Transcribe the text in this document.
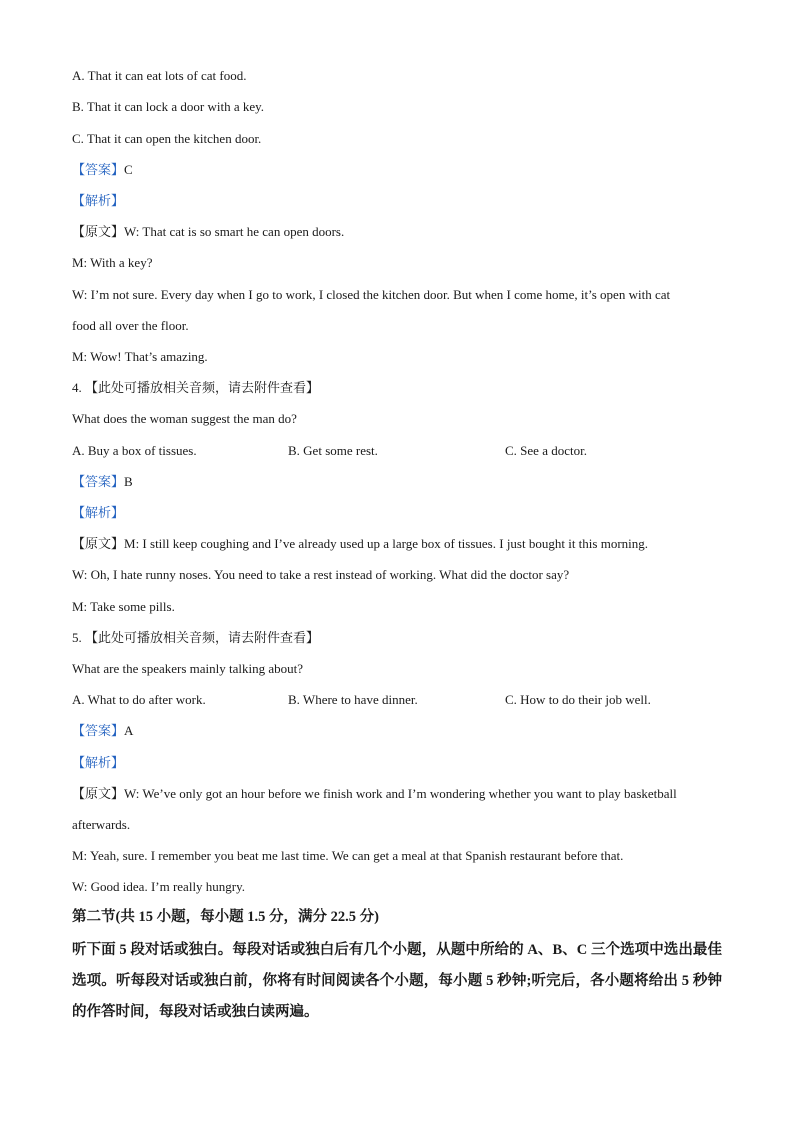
A. That it can eat lots of cat food.
B. That it can lock a door with a key.
C. That it can open the kitchen door.
【答案】C
【解析】
【原文】W: That cat is so smart he can open doors.
M: With a key?
W: I’m not sure. Every day when I go to work, I closed the kitchen door. But when I come home, it’s open with cat
food all over the floor.
M: Wow! That’s amazing.
4. 【此处可播放相关音频，请去附件查看】
What does the woman suggest the man do?
A. Buy a box of tissues.	B. Get some rest.	C. See a doctor.
【答案】B
【解析】
【原文】M: I still keep coughing and I’ve already used up a large box of tissues. I just bought it this morning.
W: Oh, I hate runny noses. You need to take a rest instead of working. What did the doctor say?
M: Take some pills.
5. 【此处可播放相关音频，请去附件查看】
What are the speakers mainly talking about?
A. What to do after work.	B. Where to have dinner.	C. How to do their job well.
【答案】A
【解析】
【原文】W: We’ve only got an hour before we finish work and I’m wondering whether you want to play basketball
afterwards.
M: Yeah, sure. I remember you beat me last time. We can get a meal at that Spanish restaurant before that.
W: Good idea. I’m really hungry.
第二节(共 15 小题，每小题 1.5 分，满分 22.5 分)
听下面 5 段对话或独白。每段对话或独白后有几个小题，从题中所给的 A、B、C 三个选项中选出最佳选项。听每段对话或独白前，你将有时间阅读各个小题，每小题 5 秒钟;听完后，各小题将给出 5 秒钟的作答时间，每段对话或独白读两遍。
